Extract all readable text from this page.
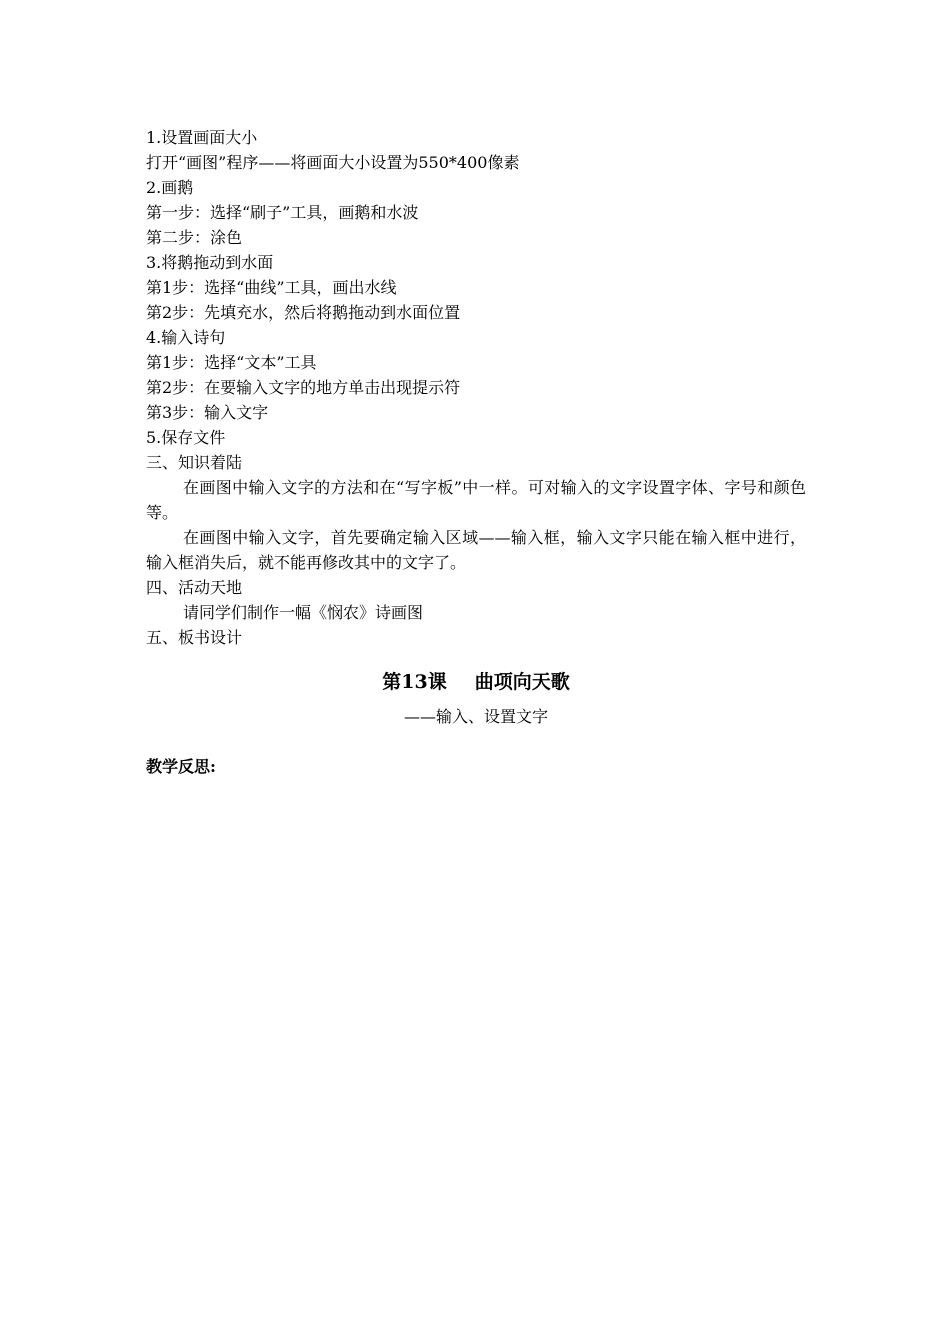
1.设置画面大小
打开“画图”程序——将画面大小设置为550*400像素
2.画鹅
第一步：选择“刷子”工具，画鹅和水波
第二步：涂色
3.将鹅拖动到水面
第1步：选择“曲线”工具，画出水线
第2步：先填充水，然后将鹅拖动到水面位置
4.输入诗句
第1步：选择“文本”工具
第2步：在要输入文字的地方单击出现提示符
第3步：输入文字
5.保存文件
三、知识着陆
在画图中输入文字的方法和在“写字板”中一样。可对输入的文字设置字体、字号和颜色等。
在画图中输入文字，首先要确定输入区域——输入框，输入文字只能在输入框中进行，输入框消失后，就不能再修改其中的文字了。
四、活动天地
请同学们制作一幅《悯农》诗画图
五、板书设计
第13课 曲项向天歌
——输入、设置文字
教学反思:
